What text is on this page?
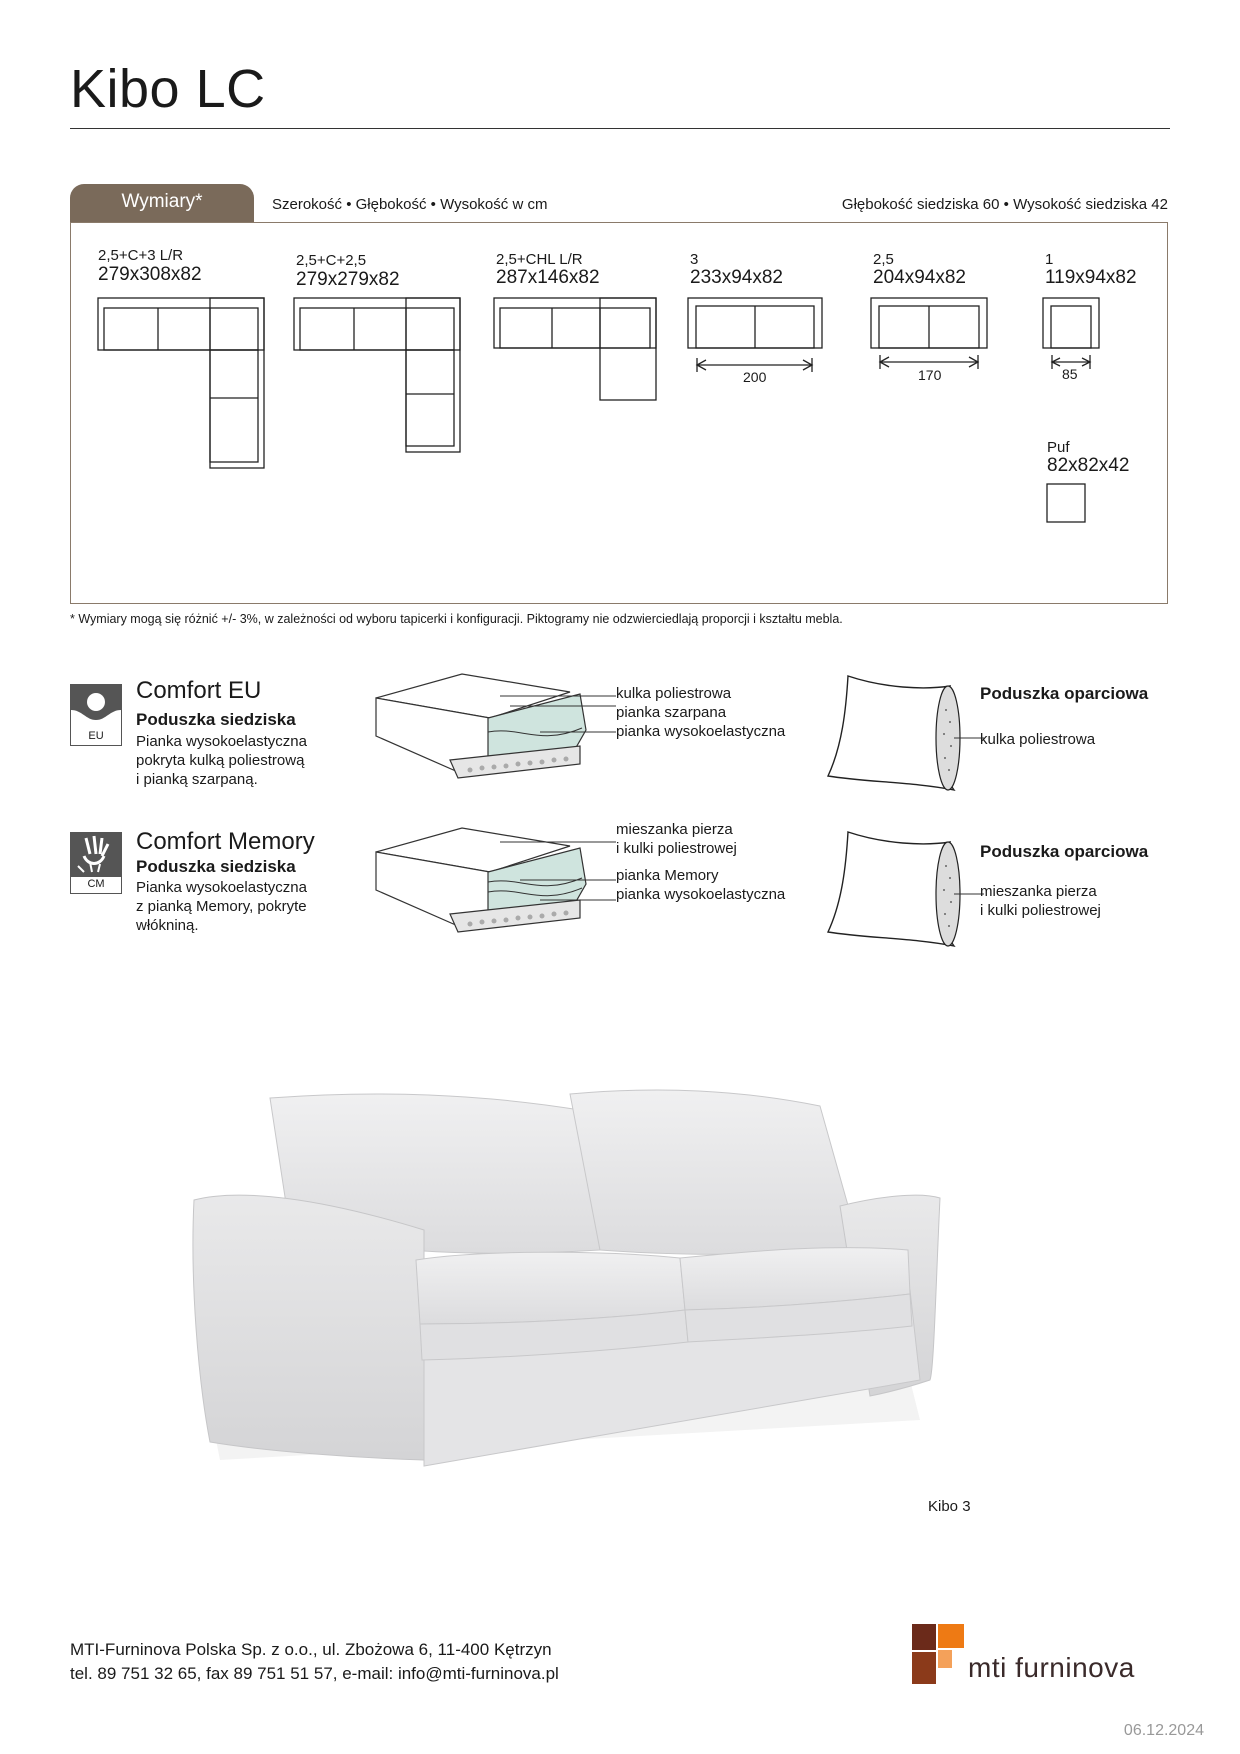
Kibo LC
Wymiary*	Szerokość • Głębokość • Wysokość w cm	Głębokość siedziska 60 • Wysokość siedziska 42
2,5+C+3 L/R
279x308x82
2,5+C+2,5
279x279x82
2,5+CHL L/R
287x146x82
3
233x94x82
2,5
204x94x82
1
119x94x82
Puf
82x82x42
200	170	85
* Wymiary mogą się różnić +/- 3%, w zależności od wyboru tapicerki i konfiguracji. Piktogramy nie odzwierciedlają proporcji i kształtu mebla.
EU
Comfort EU
Poduszka siedziska
Pianka wysokoelastyczna
pokryta kulką poliestrową
i pianką szarpaną.
kulka poliestrowa
pianka szarpana
pianka wysokoelastyczna
Poduszka oparciowa
kulka poliestrowa
CM
Comfort Memory
Poduszka siedziska
Pianka wysokoelastyczna
z pianką Memory, pokryte
włókniną.
mieszanka pierza
i kulki poliestrowej
pianka Memory
pianka wysokoelastyczna
Poduszka oparciowa
mieszanka pierza
i kulki poliestrowej
Kibo 3
MTI-Furninova Polska Sp. z o.o., ul. Zbożowa 6, 11-400 Kętrzyn
tel. 89 751 32 65, fax 89 751 51 57, e-mail: info@mti-furninova.pl	mti furninova
06.12.2024
